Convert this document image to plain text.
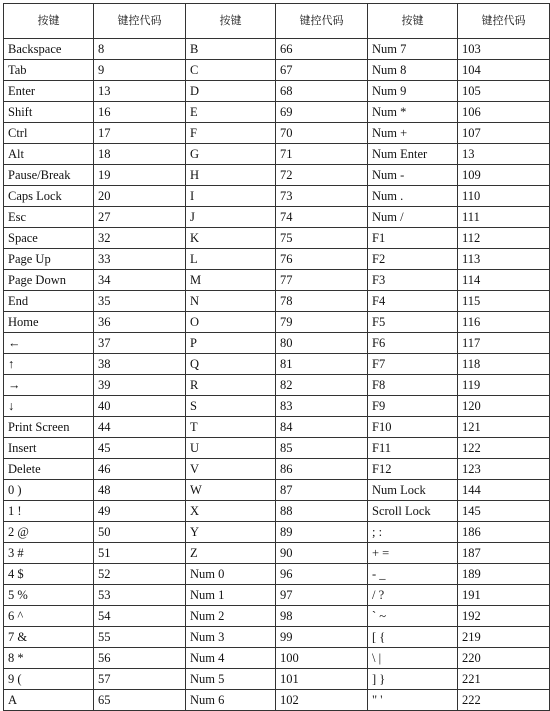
按键	键控代码	按键	键控代码	按键	键控代码
Backspace	8	B	66	Num 7	103
Tab	9	C	67	Num 8	104
Enter	13	D	68	Num 9	105
Shift	16	E	69	Num *	106
Ctrl	17	F	70	Num +	107
Alt	18	G	71	Num Enter	13
Pause/Break	19	H	72	Num -	109
Caps Lock	20	I	73	Num .	110
Esc	27	J	74	Num /	111
Space	32	K	75	F1	112
Page Up	33	L	76	F2	113
Page Down	34	M	77	F3	114
End	35	N	78	F4	115
Home	36	O	79	F5	116
←	37	P	80	F6	117
↑	38	Q	81	F7	118
→	39	R	82	F8	119
↓	40	S	83	F9	120
Print Screen	44	T	84	F10	121
Insert	45	U	85	F11	122
Delete	46	V	86	F12	123
0 )	48	W	87	Num Lock	144
1 !	49	X	88	Scroll Lock	145
2 @	50	Y	89	; :	186
3 #	51	Z	90	+ =	187
4 $	52	Num 0	96	- _	189
5 %	53	Num 1	97	/ ?	191
6 ^	54	Num 2	98	` ~	192
7 &	55	Num 3	99	[ {	219
8 *	56	Num 4	100	\ |	220
9 (	57	Num 5	101	] }	221
A	65	Num 6	102	" '	222
